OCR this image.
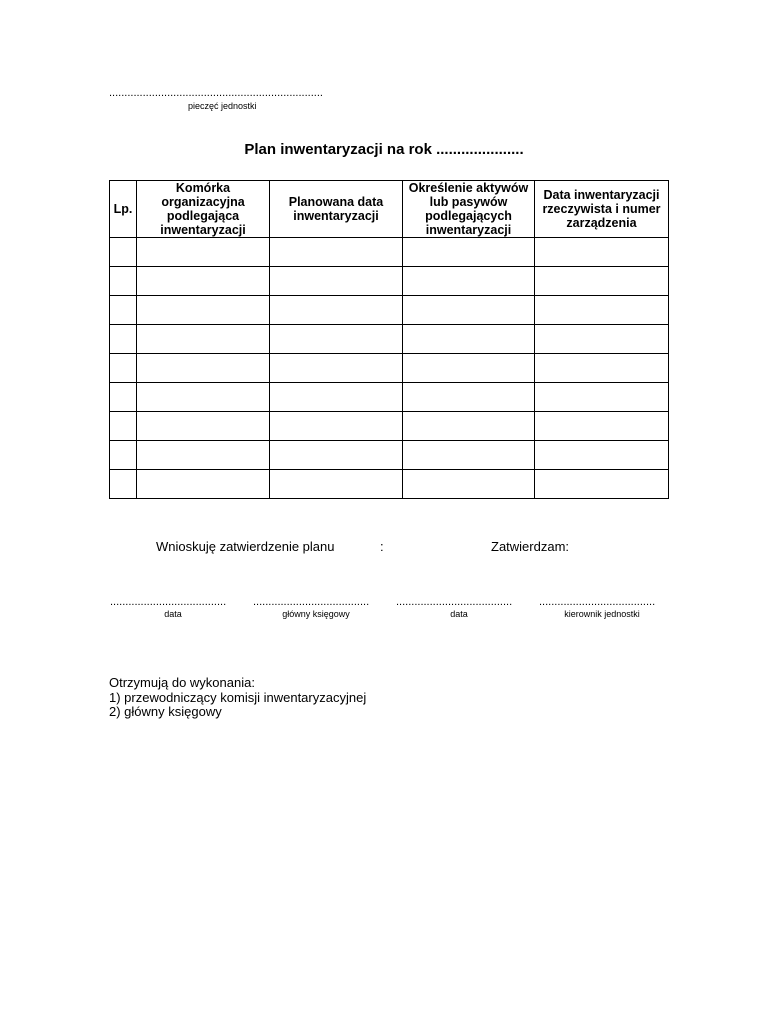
......................................................................
pieczęć jednostki
Plan inwentaryzacji na rok .....................
Lp.	Komórka organizacyjna podlegająca inwentaryzacji	Planowana data inwentaryzacji	Określenie aktywów lub pasywów podlegających inwentaryzacji	Data inwentaryzacji rzeczywista i numer zarządzenia

Wnioskuję zatwierdzenie planu	:	Zatwierdzam:
...................................... ...................................... ...................................... ......................................
data	główny księgowy	data	kierownik jednostki
Otrzymują do wykonania:
1) przewodniczący komisji inwentaryzacyjnej
2) główny księgowy
